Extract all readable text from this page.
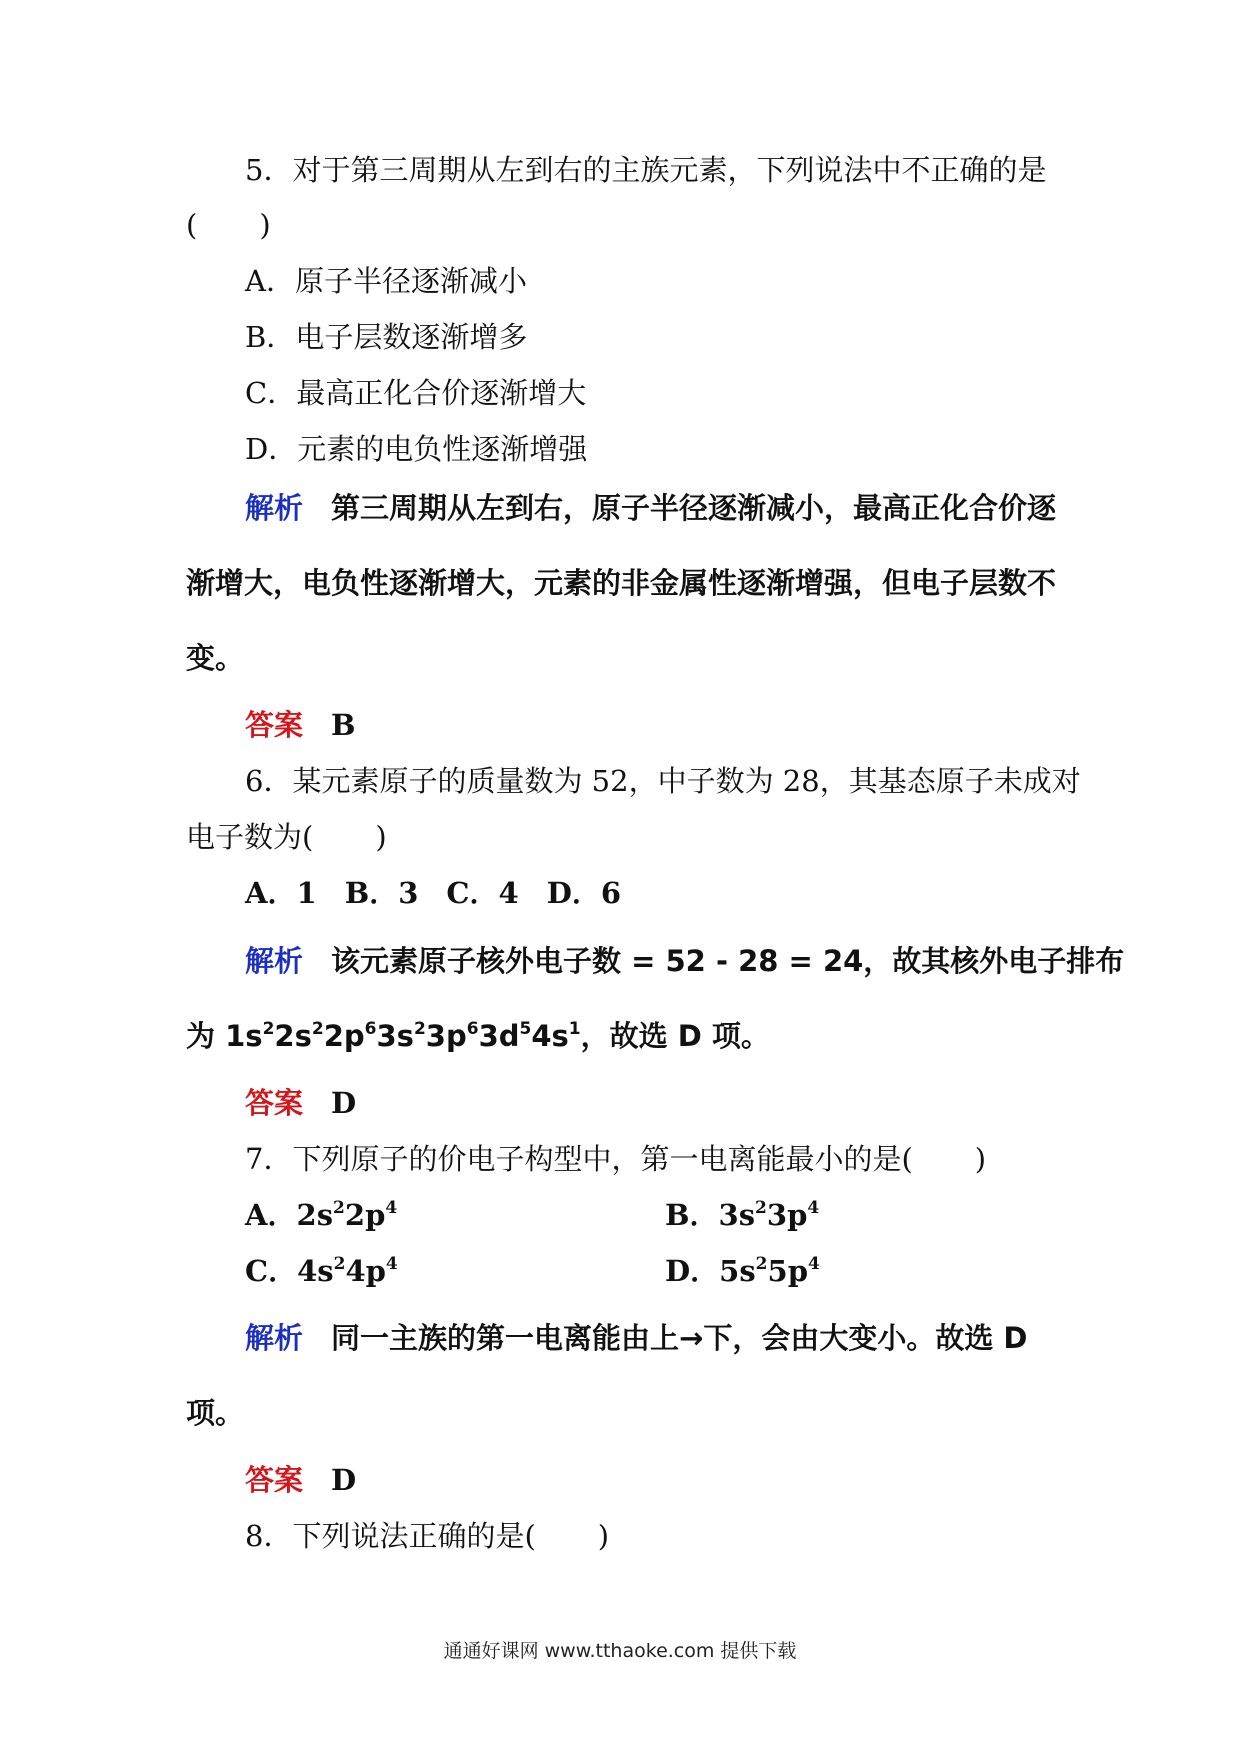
5．对于第三周期从左到右的主族元素，下列说法中不正确的是
( )
A．原子半径逐渐减小
B．电子层数逐渐增多
C．最高正化合价逐渐增大
D．元素的电负性逐渐增强
解析 第三周期从左到右，原子半径逐渐减小，最高正化合价逐
渐增大，电负性逐渐增大，元素的非金属性逐渐增强，但电子层数不
变。
答案 B
6．某元素原子的质量数为 52，中子数为 28，其基态原子未成对
电子数为( )
A．1 B．3 C．4 D．6
解析 该元素原子核外电子数 = 52 - 28 = 24，故其核外电子排布
为 $1s^22s^22p^63s^23p^63d^54s^1$，故选 D 项。
答案 D
7．下列原子的价电子构型中，第一电离能最小的是( )
A．$2s^22p^4$	B．$3s^23p^4$
C．$4s^24p^4$	D．$5s^25p^4$
解析 同一主族的第一电离能由上→下，会由大变小。故选 D
项。
答案 D
8．下列说法正确的是( )
通通好课网 www.tthaoke.com 提供下载
